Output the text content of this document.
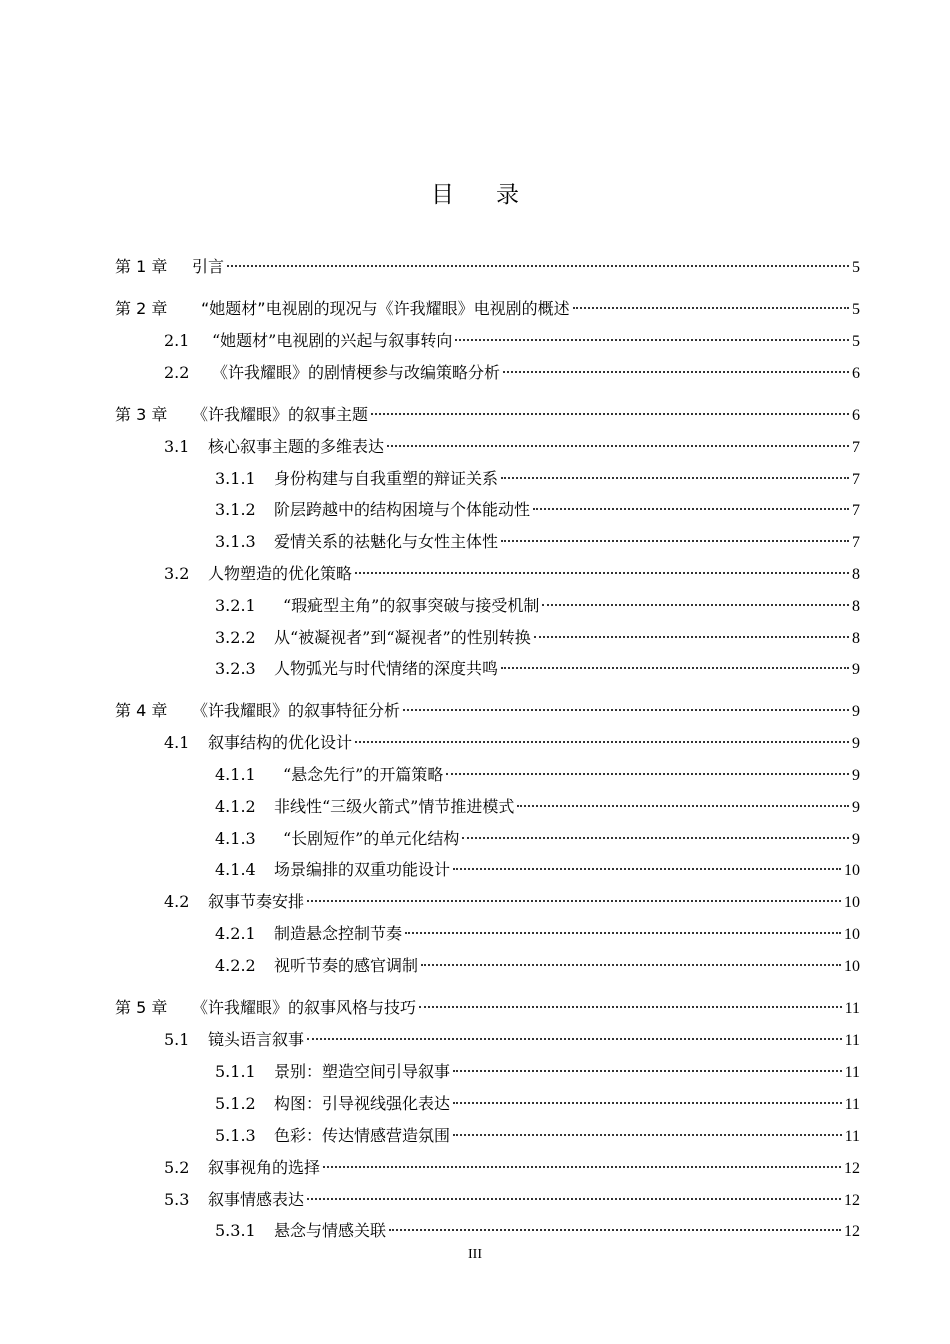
目录
第 1 章	引言	5
第 2 章	“她题材”电视剧的现况与《许我耀眼》电视剧的概述	5
2.1	“她题材”电视剧的兴起与叙事转向	5
2.2	《许我耀眼》的剧情梗参与改编策略分析	6
第 3 章	《许我耀眼》的叙事主题	6
3.1	核心叙事主题的多维表达	7
3.1.1	身份构建与自我重塑的辩证关系	7
3.1.2	阶层跨越中的结构困境与个体能动性	7
3.1.3	爱情关系的祛魅化与女性主体性	7
3.2	人物塑造的优化策略	8
3.2.1	“瑕疵型主角”的叙事突破与接受机制	8
3.2.2	从“被凝视者”到“凝视者”的性别转换	8
3.2.3	人物弧光与时代情绪的深度共鸣	9
第 4 章	《许我耀眼》的叙事特征分析	9
4.1	叙事结构的优化设计	9
4.1.1	“悬念先行”的开篇策略	9
4.1.2	非线性“三级火箭式”情节推进模式	9
4.1.3	“长剧短作”的单元化结构	9
4.1.4	场景编排的双重功能设计	10
4.2	叙事节奏安排	10
4.2.1	制造悬念控制节奏	10
4.2.2	视听节奏的感官调制	10
第 5 章	《许我耀眼》的叙事风格与技巧	11
5.1	镜头语言叙事	11
5.1.1	景别：塑造空间引导叙事	11
5.1.2	构图：引导视线强化表达	11
5.1.3	色彩：传达情感营造氛围	11
5.2	叙事视角的选择	12
5.3	叙事情感表达	12
5.3.1	悬念与情感关联	12
III
